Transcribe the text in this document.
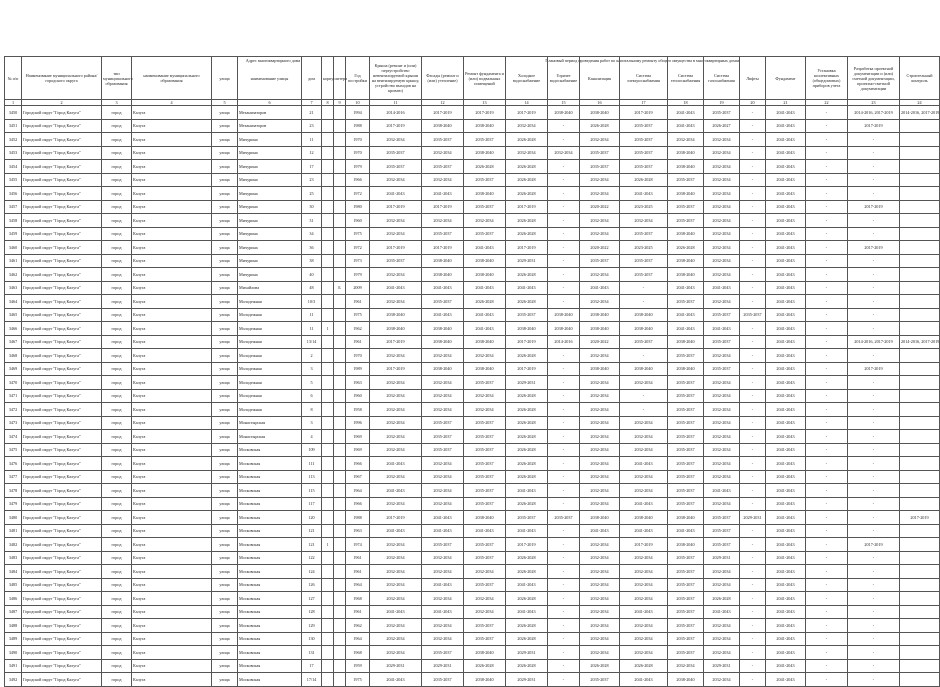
Адрес многоквартирного дома	Плановый период проведения работ по капитальному ремонту общего имущества в многоквартирных домах
№ п/п	Наименование муниципального района/городского округа	тип муниципального образования	наименование муниципального образования	улица	наименование улицы	дом	корпус	литера	Год постройки	Крыша (ремонт и (или) переустройство невентилируемой крыши на вентилируемую крышу, устройство выходов на кровлю)	Фасады (ремонт и (или) утепление)	Ремонт фундамента и (или) подвальных помещений	Холодное водоснабжение	Горячее водоснабжение	Канализация	Система электроснабжения	Система теплоснабжения	Система газоснабжения	Лифты	Фундамент	Установка коллективных (общедомовых) приборов учета	Разработка проектной документации и (или) сметной документации, проектно-сметной документации	Строительный контроль
1	2	3	4	5	6	7	8	9	10	11	12	13	14	15	16	17	18	19	20	21	22	23	24
3450	Городской округ "Город Калуга"	город	Калуга	улица	Механизаторов	21			1994	2014-2016	2017-2019	2017-2019	2017-2019	2038-2040	2038-2040	2017-2019	2041-2043	2035-2037	-	2041-2043	-	2014-2016, 2017-2019	2014-2016, 2017-2019
3451	Городской округ "Город Калуга"	город	Калуга	улица	Механизаторов	23			1988	2017-2019	2038-2040	2038-2040	2032-2034	-	2026-2028	2035-2037	2041-2043	2026-2027	-	2041-2043	-	2017-2019	
3452	Городской округ "Город Калуга"	город	Калуга	улица	Мичурина	11			1970	2032-2034	2035-2037	2035-2037	2026-2028	-	2032-2034	2035-2037	2032-2034	2032-2034	-	2041-2043	-	-	
3453	Городской округ "Город Калуга"	город	Калуга	улица	Мичурина	12			1970	2035-2037	2032-2034	2038-2040	2032-2034	2032-2034	2035-2037	2035-2037	2038-2040	2032-2034	-	2041-2043	-	-	
3454	Городской округ "Город Калуга"	город	Калуга	улица	Мичурина	17			1979	2035-2037	2035-2037	2026-2028	2026-2028	-	2035-2037	2035-2037	2038-2040	2032-2034	-	2041-2043	-	-	
3455	Городской округ "Город Калуга"	город	Калуга	улица	Мичурина	23			1966	2032-2034	2032-2034	2035-2037	2026-2028	-	2032-2034	2026-2028	2035-2037	2032-2034	-	2041-2043	-	-	
3456	Городской округ "Город Калуга"	город	Калуга	улица	Мичурина	25			1972	2041-2043	2041-2043	2038-2040	2026-2028	-	2032-2034	2041-2043	2038-2040	2032-2034	-	2041-2043	-	-	
3457	Городской округ "Город Калуга"	город	Калуга	улица	Мичурина	30			1980	2017-2019	2017-2019	2035-2037	2017-2019	-	2020-2022	2023-2025	2035-2037	2032-2034	-	2041-2043	-	2017-2019	
3458	Городской округ "Город Калуга"	город	Калуга	улица	Мичурина	31			1960	2032-2034	2032-2034	2032-2034	2026-2028	-	2032-2034	2032-2034	2035-2037	2032-2034	-	2041-2043	-	-	
3459	Городской округ "Город Калуга"	город	Калуга	улица	Мичурина	34			1975	2032-2034	2035-2037	2035-2037	2026-2028	-	2032-2034	2035-2037	2038-2040	2032-2034	-	2041-2043	-	-	
3460	Городской округ "Город Калуга"	город	Калуга	улица	Мичурина	36			1972	2017-2019	2017-2019	2041-2043	2017-2019	-	2020-2022	2023-2025	2026-2028	2032-2034	-	2041-2043	-	2017-2019	
3461	Городской округ "Город Калуга"	город	Калуга	улица	Мичурина	38			1973	2035-2037	2038-2040	2038-2040	2029-2031	-	2035-2037	2035-2037	2038-2040	2032-2034	-	2041-2043	-	-	
3462	Городской округ "Город Калуга"	город	Калуга	улица	Мичурина	40			1979	2032-2034	2038-2040	2038-2040	2026-2028	-	2032-2034	2035-2037	2038-2040	2032-2034	-	2041-2043	-	-	
3463	Городской округ "Город Калуга"	город	Калуга	улица	Михайлова	48		Б	2009	2041-2043	2041-2043	2041-2043	2041-2043	-	2041-2043	-	2041-2043	2041-2043	-	2041-2043	-	-	
3464	Городской округ "Город Калуга"	город	Калуга	улица	Молодежная	10/3			1961	2032-2034	2035-2037	2026-2028	2026-2028	-	2032-2034	-	2035-2037	2032-2034	-	2041-2043	-	-	
3465	Городской округ "Город Калуга"	город	Калуга	улица	Молодежная	11			1975	2038-2040	2041-2043	2041-2043	2035-2037	2038-2040	2038-2040	2038-2040	2041-2043	2035-2037	2035-2037	2041-2043	-	-	
3466	Городской округ "Город Калуга"	город	Калуга	улица	Молодежная	11	1		1962	2038-2040	2038-2040	2041-2043	2038-2040	2038-2040	2038-2040	2038-2040	2041-2043	2041-2043	-	2041-2043	-	-	
3467	Городской округ "Город Калуга"	город	Калуга	улица	Молодежная	13/14			1961	2017-2019	2038-2040	2038-2040	2017-2019	2014-2016	2020-2022	2035-2037	2038-2040	2035-2037	-	2041-2043	-	2014-2016, 2017-2019	2014-2016, 2017-2019
3468	Городской округ "Город Калуга"	город	Калуга	улица	Молодежная	2			1970	2032-2034	2032-2034	2032-2034	2026-2028	-	2032-2034	-	2035-2037	2032-2034	-	2041-2043	-	-	
3469	Городской округ "Город Калуга"	город	Калуга	улица	Молодежная	3			1989	2017-2019	2038-2040	2038-2040	2017-2019	-	2038-2040	2038-2040	2038-2040	2035-2037	-	2041-2043	-	2017-2019	
3470	Городской округ "Город Калуга"	город	Калуга	улица	Молодежная	5			1963	2032-2034	2032-2034	2035-2037	2029-2031	-	2032-2034	2032-2034	2035-2037	2032-2034	-	2041-2043	-	-	
3471	Городской округ "Город Калуга"	город	Калуга	улица	Молодежная	6			1960	2032-2034	2032-2034	2032-2034	2026-2028	-	2032-2034	-	2035-2037	2032-2034	-	2041-2043	-	-	
3472	Городской округ "Город Калуга"	город	Калуга	улица	Молодежная	8			1958	2032-2034	2032-2034	2032-2034	2026-2028	-	2032-2034	-	2035-2037	2032-2034	-	2041-2043	-	-	
3473	Городской округ "Город Калуга"	город	Калуга	улица	Монастырская	3			1996	2032-2034	2035-2037	2035-2037	2026-2028	-	2032-2034	2032-2034	2035-2037	2032-2034	-	2041-2043	-	-	
3474	Городской округ "Город Калуга"	город	Калуга	улица	Монастырская	4			1969	2032-2034	2035-2037	2035-2037	2026-2028	-	2032-2034	2032-2034	2035-2037	2032-2034	-	2041-2043	-	-	
3475	Городской округ "Город Калуга"	город	Калуга	улица	Московская	109			1969	2032-2034	2035-2037	2035-2037	2026-2028	-	2032-2034	2032-2034	2035-2037	2032-2034	-	2041-2043	-	-	
3476	Городской округ "Город Калуга"	город	Калуга	улица	Московская	111			1966	2041-2043	2032-2034	2035-2037	2026-2028	-	2032-2034	2041-2043	2035-2037	2032-2034	-	2041-2043	-	-	
3477	Городской округ "Город Калуга"	город	Калуга	улица	Московская	113			1967	2032-2034	2032-2034	2035-2037	2026-2028	-	2032-2034	2032-2034	2035-2037	2032-2034	-	2041-2043	-	-	
3478	Городской округ "Город Калуга"	город	Калуга	улица	Московская	115			1964	2041-2043	2032-2034	2035-2037	2041-2043	-	2032-2034	2032-2034	2035-2037	2041-2043	-	2041-2043	-	-	
3479	Городской округ "Город Калуга"	город	Калуга	улица	Московская	117			1966	2032-2034	2032-2034	2035-2037	2026-2028	-	2032-2034	2041-2043	2035-2037	2032-2034	-	2041-2043	-	-	
3480	Городской округ "Город Калуга"	город	Калуга	улица	Московская	120			1988	2017-2019	2041-2043	2038-2040	2035-2037	2035-2037	2038-2040	2038-2040	2038-2040	2035-2037	2029-2031	2041-2043	-	-	2017-2019
3481	Городской округ "Город Калуга"	город	Калуга	улица	Московская	121			1963	2041-2043	2041-2043	2041-2043	2041-2043	-	2041-2043	2041-2043	2041-2043	2035-2037	-	2041-2043	-	-	
3482	Городской округ "Город Калуга"	город	Калуга	улица	Московская	121	1		1974	2032-2034	2035-2037	2035-2037	2017-2019	-	2032-2034	2017-2019	2038-2040	2035-2037	-	2041-2043	-	2017-2019	
3483	Городской округ "Город Калуга"	город	Калуга	улица	Московская	122			1961	2032-2034	2032-2034	2035-2037	2026-2028	-	2032-2034	2032-2034	2035-2037	2029-2031	-	2041-2043	-	-	
3484	Городской округ "Город Калуга"	город	Калуга	улица	Московская	124			1961	2032-2034	2032-2034	2032-2034	2026-2028	-	2032-2034	2032-2034	2035-2037	2032-2034	-	2041-2043	-	-	
3485	Городской округ "Город Калуга"	город	Калуга	улица	Московская	126			1964	2032-2034	2041-2043	2035-2037	2041-2043	-	2032-2034	2032-2034	2035-2037	2032-2034	-	2041-2043	-	-	
3486	Городской округ "Город Калуга"	город	Калуга	улица	Московская	127			1968	2032-2034	2032-2034	2032-2034	2026-2028	-	2032-2034	2032-2034	2035-2037	2026-2028	-	2041-2043	-	-	
3487	Городской округ "Город Калуга"	город	Калуга	улица	Московская	128			1961	2041-2043	2041-2043	2032-2034	2041-2043	-	2032-2034	2041-2043	2035-2037	2041-2043	-	2041-2043	-	-	
3488	Городской округ "Город Калуга"	город	Калуга	улица	Московская	129			1962	2032-2034	2032-2034	2035-2037	2026-2028	-	2032-2034	2032-2034	2035-2037	2032-2034	-	2041-2043	-	-	
3489	Городской округ "Город Калуга"	город	Калуга	улица	Московская	130			1964	2032-2034	2032-2034	2035-2037	2026-2028	-	2032-2034	2032-2034	2035-2037	2032-2034	-	2041-2043	-	-	
3490	Городской округ "Город Калуга"	город	Калуга	улица	Московская	131			1968	2032-2034	2035-2037	2038-2040	2029-2031	-	2032-2034	2032-2034	2035-2037	2032-2034	-	2041-2043	-	-	
3491	Городской округ "Город Калуга"	город	Калуга	улица	Московская	17			1959	2029-2031	2029-2031	2026-2028	2026-2028	-	2026-2028	2026-2028	2032-2034	2029-2031	-	2041-2043	-	-	
3492	Городской округ "Город Калуга"	город	Калуга	улица	Московская	17/14			1975	2041-2043	2035-2037	2038-2040	2029-2031	-	2035-2037	2041-2043	2038-2040	2032-2034	-	2041-2043	-	-	
